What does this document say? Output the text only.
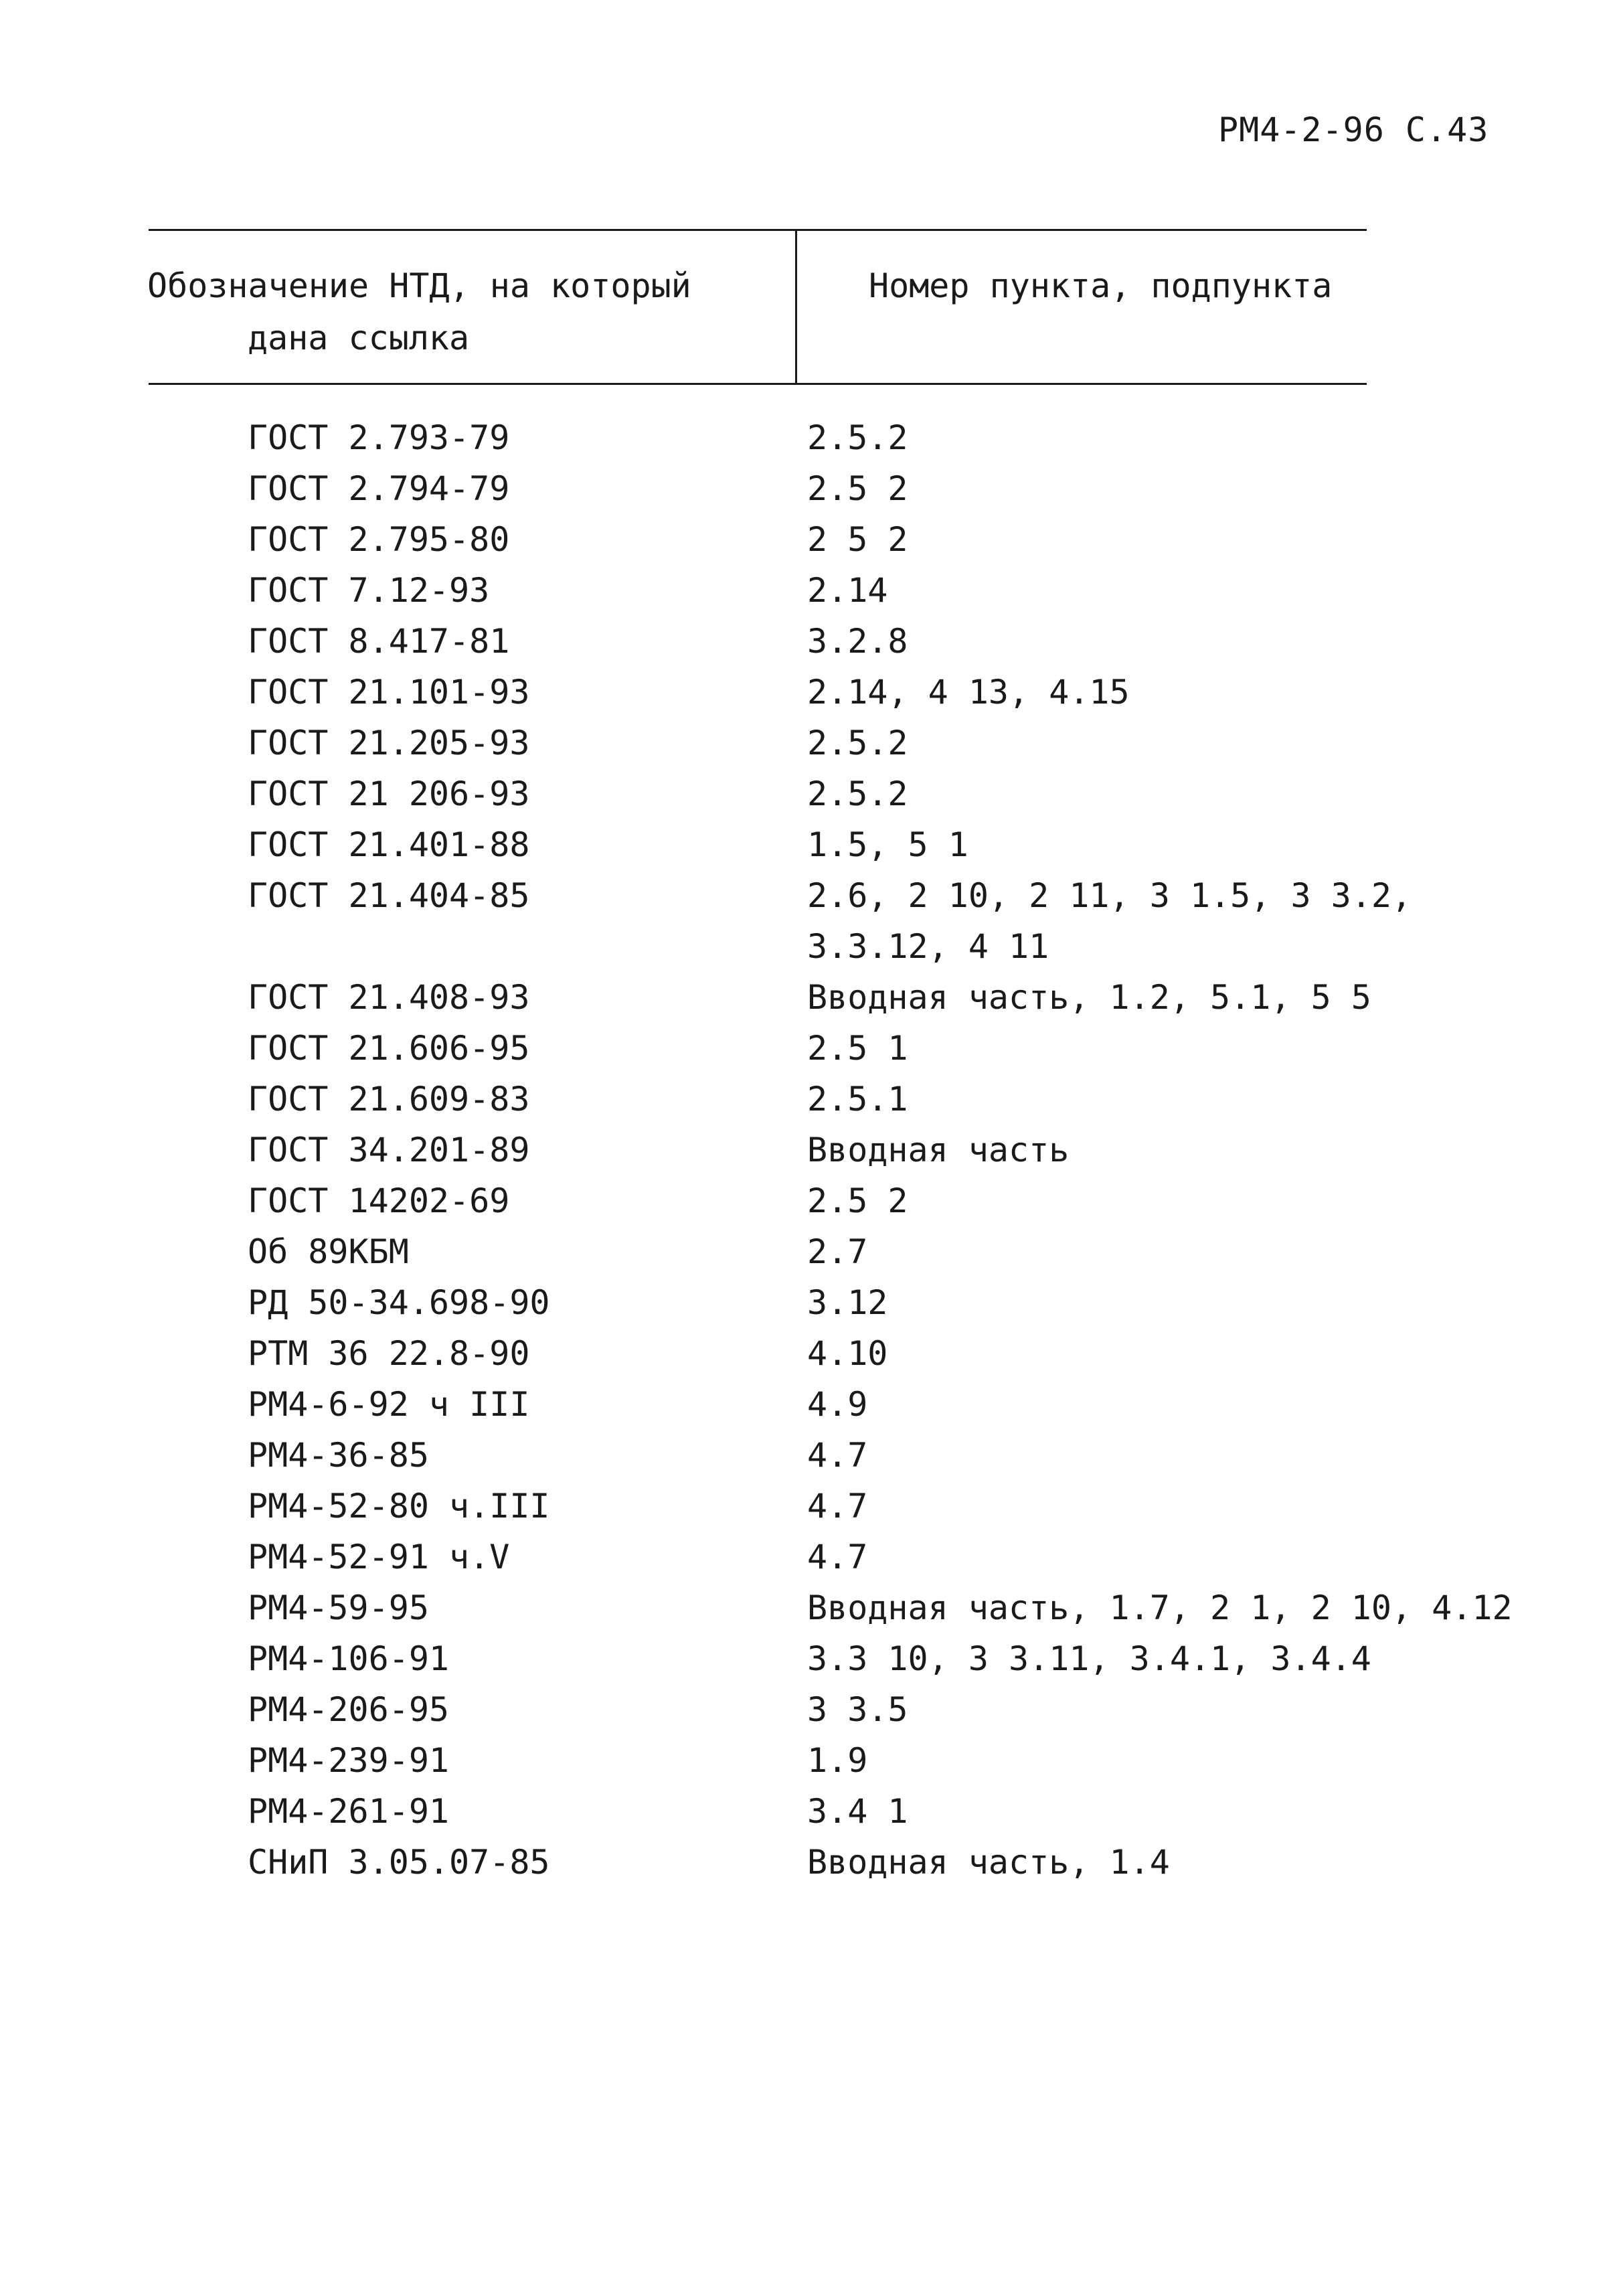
РМ4-2-96 С.43
Обозначение НТД, на который
дана ссылка
Номер пункта, подпункта
ГОСТ 2.793-79	2.5.2
ГОСТ 2.794-79	2.5 2
ГОСТ 2.795-80	2 5 2
ГОСТ 7.12-93	2.14
ГОСТ 8.417-81	3.2.8
ГОСТ 21.101-93	2.14, 4 13, 4.15
ГОСТ 21.205-93	2.5.2
ГОСТ 21 206-93	2.5.2
ГОСТ 21.401-88	1.5, 5 1
ГОСТ 21.404-85	2.6, 2 10, 2 11, 3 1.5, 3 3.2,
3.3.12, 4 11
ГОСТ 21.408-93	Вводная часть, 1.2, 5.1, 5 5
ГОСТ 21.606-95	2.5 1
ГОСТ 21.609-83	2.5.1
ГОСТ 34.201-89	Вводная часть
ГОСТ 14202-69	2.5 2
Об 89КБМ	2.7
РД 50-34.698-90	3.12
РТМ 36 22.8-90	4.10
РМ4-6-92 ч III	4.9
РМ4-36-85	4.7
РМ4-52-80 ч.III	4.7
РМ4-52-91 ч.V	4.7
РМ4-59-95	Вводная часть, 1.7, 2 1, 2 10, 4.12
РМ4-106-91	3.3 10, 3 3.11, 3.4.1, 3.4.4
РМ4-206-95	3 3.5
РМ4-239-91	1.9
РМ4-261-91	3.4 1
СНиП 3.05.07-85	Вводная часть, 1.4
